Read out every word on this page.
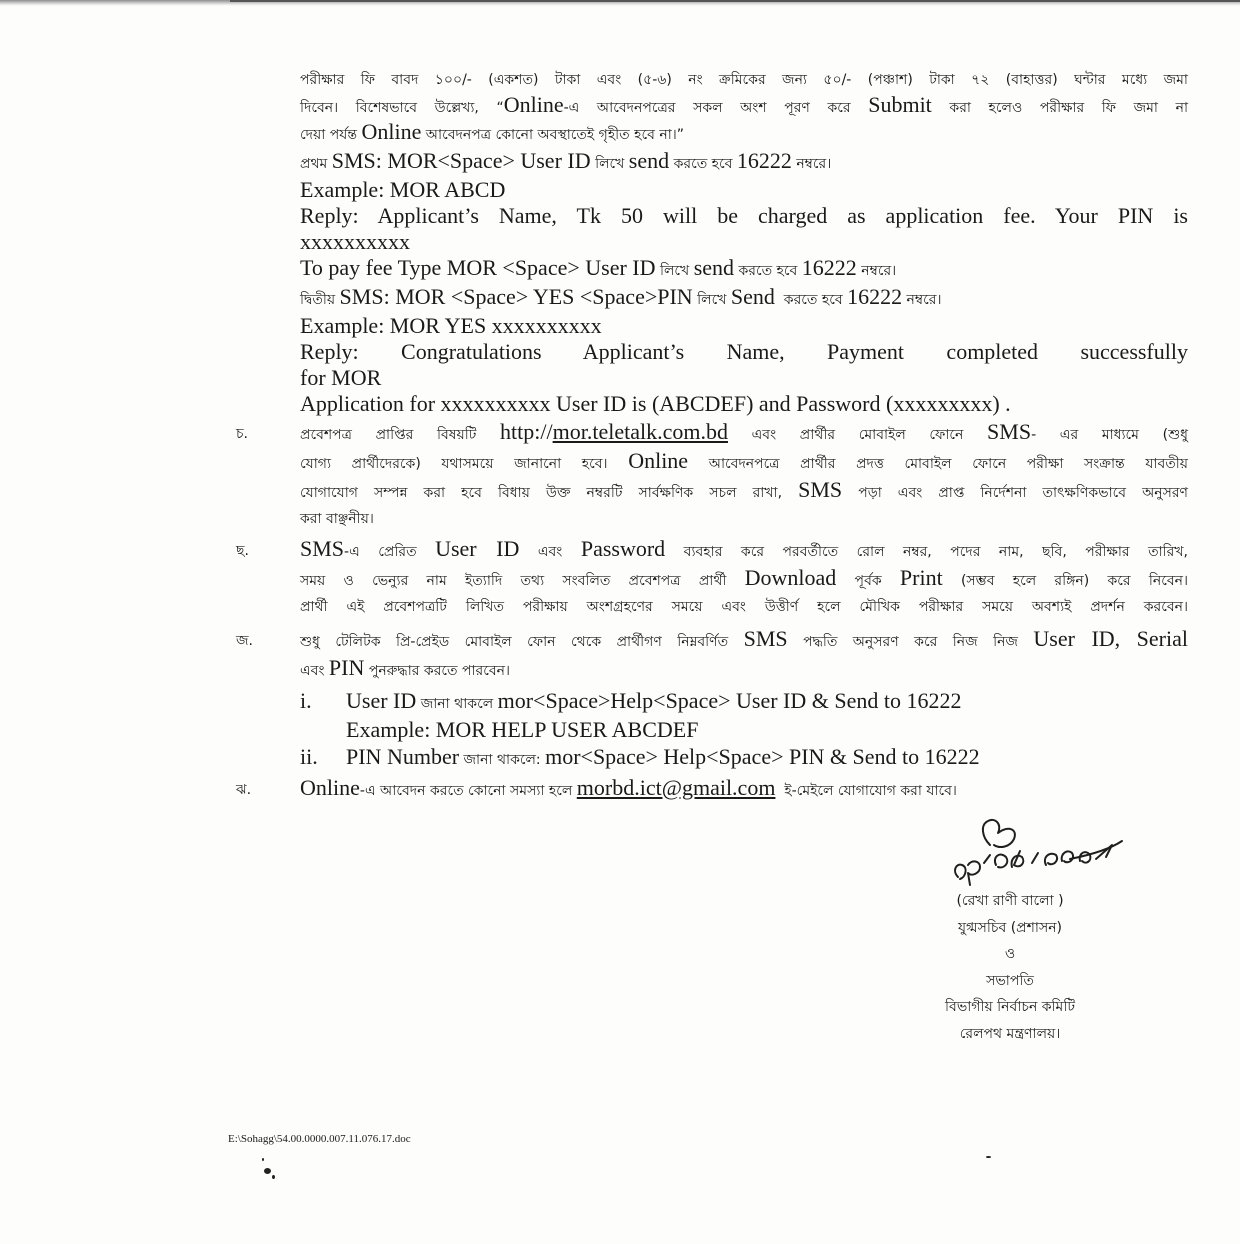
পরীক্ষার ফি বাবদ ১০০/- (একশত) টাকা এবং (৫-৬) নং ক্রমিকের জন্য ৫০/- (পঞ্চাশ) টাকা ৭২ (বাহাত্তর) ঘন্টার মধ্যে জমা
দিবেন। বিশেষভাবে উল্লেখ্য, “Online-এ আবেদনপত্রের সকল অংশ পূরণ করে Submit করা হলেও পরীক্ষার ফি জমা না
দেয়া পর্যন্ত Online আবেদনপত্র কোনো অবস্থাতেই গৃহীত হবে না।”
প্রথম SMS: MOR<Space> User ID লিখে send করতে হবে 16222 নম্বরে।
Example: MOR ABCD
Reply: Applicant’s Name, Tk 50 will be charged as application fee. Your PIN is
xxxxxxxxxx
To pay fee Type MOR <Space> User ID লিখে send করতে হবে 16222 নম্বরে।
দ্বিতীয় SMS: MOR <Space> YES <Space>PIN লিখে Send  করতে হবে 16222 নম্বরে।
Example: MOR YES xxxxxxxxxx
Reply: Congratulations Applicant’s Name, Payment completed successfully
for MOR
Application for xxxxxxxxxx User ID is (ABCDEF) and Password (xxxxxxxxx) .
চ.	প্রবেশপত্র প্রাপ্তির বিষয়টি http://mor.teletalk.com.bd এবং প্রার্থীর মোবাইল ফোনে SMS- এর মাধ্যমে (শুধু
যোগ্য প্রার্থীদেরকে) যথাসময়ে জানানো হবে। Online আবেদনপত্রে প্রার্থীর প্রদত্ত মোবাইল ফোনে পরীক্ষা সংক্রান্ত যাবতীয়
যোগাযোগ সম্পন্ন করা হবে বিধায় উক্ত নম্বরটি সার্বক্ষণিক সচল রাখা, SMS পড়া এবং প্রাপ্ত নির্দেশনা তাৎক্ষণিকভাবে অনুসরণ
করা বাঞ্ছনীয়।
ছ. SMS-এ প্রেরিত User ID এবং Password ব্যবহার করে পরবর্তীতে রোল নম্বর, পদের নাম, ছবি, পরীক্ষার তারিখ,
সময় ও ভেন্যুর নাম ইত্যাদি তথ্য সংবলিত প্রবেশপত্র প্রার্থী Download পূর্বক Print (সম্ভব হলে রঙ্গিন) করে নিবেন।
প্রার্থী এই প্রবেশপত্রটি লিখিত পরীক্ষায় অংশগ্রহণের সময়ে এবং উত্তীর্ণ হলে মৌখিক পরীক্ষার সময়ে অবশ্যই প্রদর্শন করবেন।
জ.	শুধু টেলিটক প্রি-প্রেইড মোবাইল ফোন থেকে প্রার্থীগণ নিম্নবর্ণিত SMS পদ্ধতি অনুসরণ করে নিজ নিজ User ID, Serial
এবং PIN পুনরুদ্ধার করতে পারবেন।
i. User ID জানা থাকলে mor<Space>Help<Space> User ID & Send to 16222
Example: MOR HELP USER ABCDEF
ii. PIN Number জানা থাকলে: mor<Space> Help<Space> PIN & Send to 16222
ঝ. Online-এ আবেদন করতে কোনো সমস্যা হলে morbd.ict@gmail.com  ই-মেইলে যোগাযোগ করা যাবে।
(রেখা রাণী বালো )
যুগ্মসচিব (প্রশাসন)
ও
সভাপতি
বিভাগীয় নির্বাচন কমিটি
রেলপথ মন্ত্রণালয়।
E:\Sohagg\54.00.0000.007.11.076.17.doc
